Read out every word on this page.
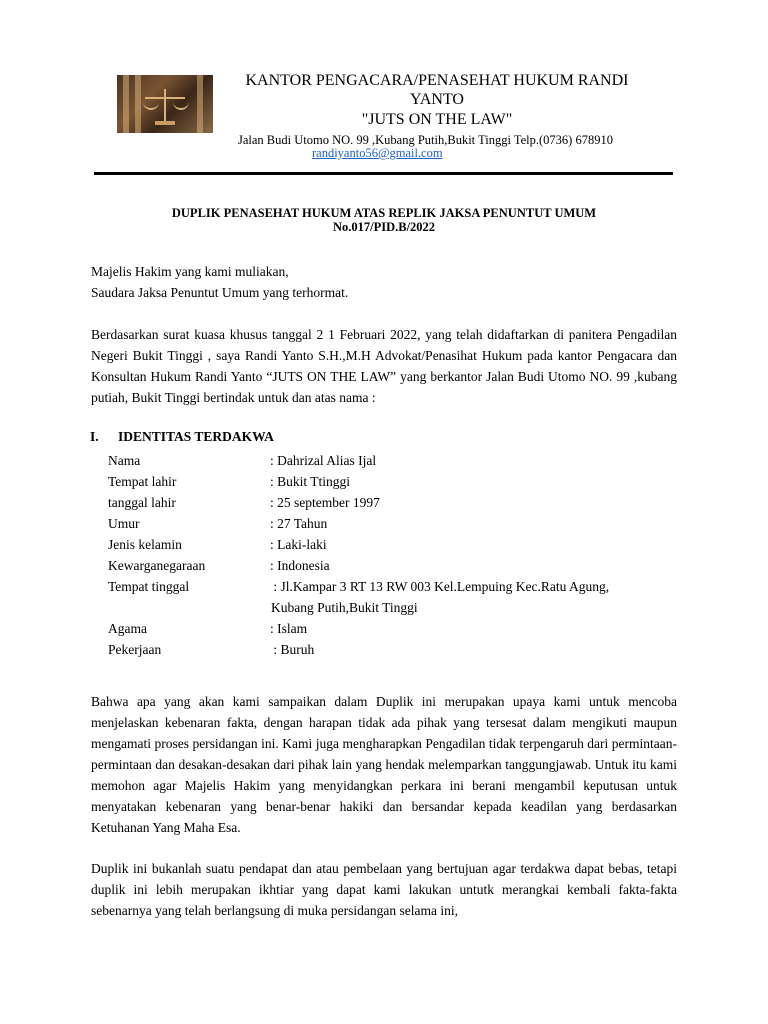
KANTOR PENGACARA/PENASEHAT HUKUM RANDI
YANTO
"JUTS ON THE LAW"
Jalan Budi Utomo NO. 99 ,Kubang Putih,Bukit Tinggi Telp.(0736) 678910
randiyanto56@gmail.com
DUPLIK PENASEHAT HUKUM ATAS REPLIK JAKSA PENUNTUT UMUM
No.017/PID.B/2022
Majelis Hakim yang kami muliakan,
Saudara Jaksa Penuntut Umum yang terhormat.
Berdasarkan surat kuasa khusus tanggal 2 1 Februari 2022, yang telah didaftarkan di panitera Pengadilan Negeri Bukit Tinggi , saya Randi Yanto S.H.,M.H Advokat/Penasihat Hukum pada kantor Pengacara dan Konsultan Hukum Randi Yanto “JUTS ON THE LAW” yang berkantor Jalan Budi Utomo NO. 99 ,kubang putiah, Bukit Tinggi bertindak untuk dan atas nama :
I. IDENTITAS TERDAKWA
Nama	: Dahrizal Alias Ijal
Tempat lahir	: Bukit Ttinggi
tanggal lahir	: 25 september 1997
Umur	: 27 Tahun
Jenis kelamin	: Laki-laki
Kewarganegaraan	: Indonesia
Tempat tinggal	: Jl.Kampar 3 RT 13 RW 003 Kel.Lempuing Kec.Ratu Agung,
Kubang Putih,Bukit Tinggi
Agama	: Islam
Pekerjaan	: Buruh
Bahwa apa yang akan kami sampaikan dalam Duplik ini merupakan upaya kami untuk mencoba menjelaskan kebenaran fakta, dengan harapan tidak ada pihak yang tersesat dalam mengikuti maupun mengamati proses persidangan ini. Kami juga mengharapkan Pengadilan tidak terpengaruh dari permintaan-permintaan dan desakan-desakan dari pihak lain yang hendak melemparkan tanggungjawab. Untuk itu kami memohon agar Majelis Hakim yang menyidangkan perkara ini berani mengambil keputusan untuk menyatakan kebenaran yang benar-benar hakiki dan bersandar kepada keadilan yang berdasarkan Ketuhanan Yang Maha Esa.
Duplik ini bukanlah suatu pendapat dan atau pembelaan yang bertujuan agar terdakwa dapat bebas, tetapi duplik ini lebih merupakan ikhtiar yang dapat kami lakukan untutk merangkai kembali fakta-fakta sebenarnya yang telah berlangsung di muka persidangan selama ini,
